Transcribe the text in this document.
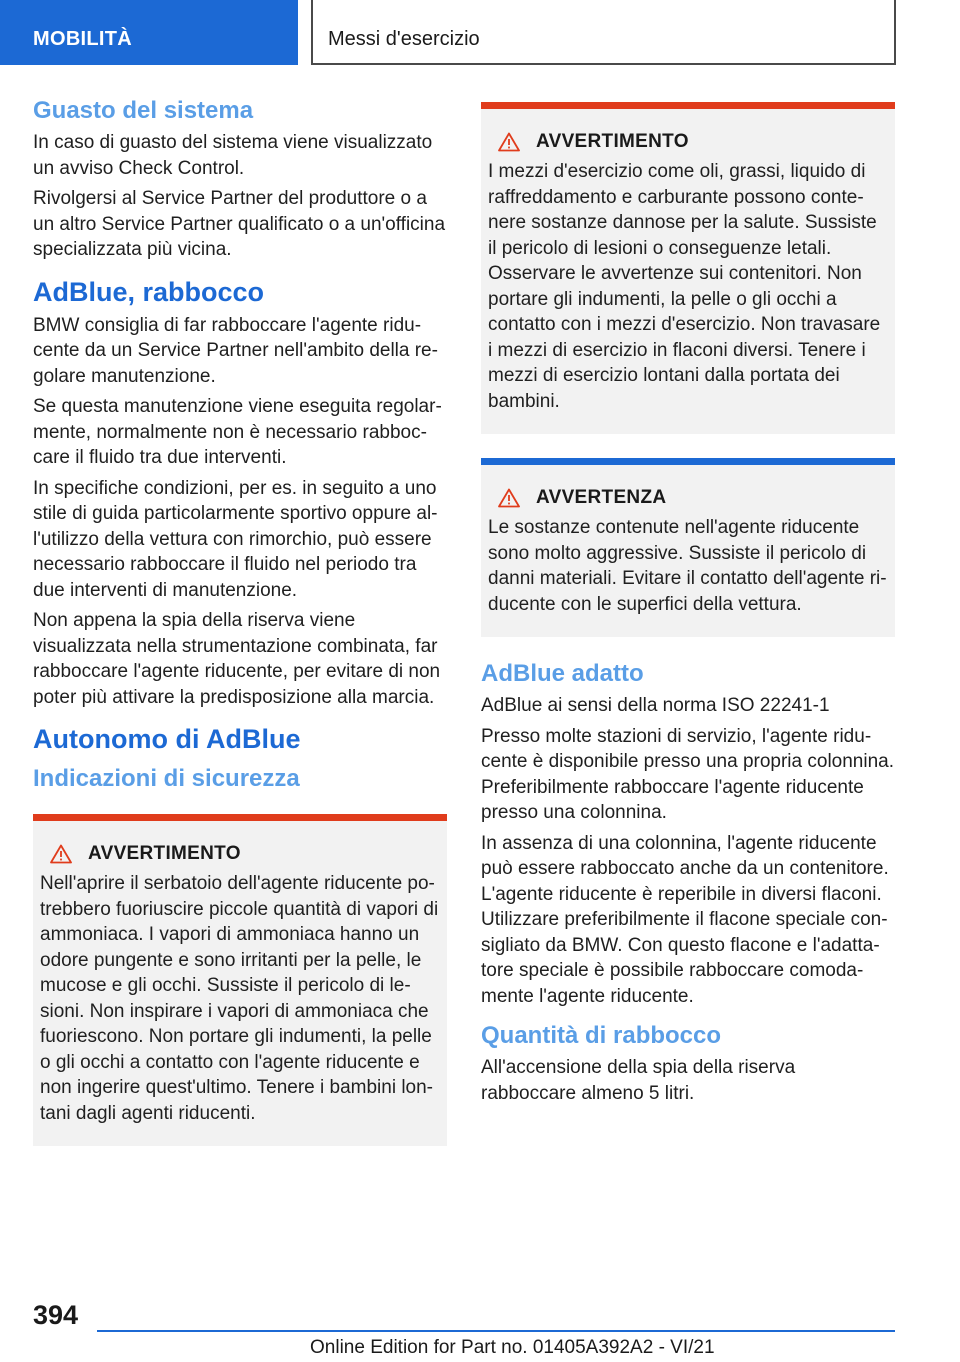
MOBILITÀ	Messi d'esercizio
Guasto del sistema

In caso di guasto del sistema viene visualizzato un avviso Check Control.

Rivolgersi al Service Partner del produttore o a un altro Service Partner qualificato o a un'officina specializzata più vicina.

AdBlue, rabbocco

BMW consiglia di far rabboccare l'agente riducente da un Service Partner nell'ambito della regolare manutenzione.

Se questa manutenzione viene eseguita regolarmente, normalmente non è necessario rabboccare il fluido tra due interventi.

In specifiche condizioni, per es. in seguito a uno stile di guida particolarmente sportivo oppure all'utilizzo della vettura con rimorchio, può essere necessario rabboccare il fluido nel periodo tra due interventi di manutenzione.

Non appena la spia della riserva viene visualizzata nella strumentazione combinata, far rabboccare l'agente riducente, per evitare di non poter più attivare la predisposizione alla marcia.

Autonomo di AdBlue
Indicazioni di sicurezza
AVVERTIMENTO

Nell'aprire il serbatoio dell'agente riducente potrebbero fuoriuscire piccole quantità di vapori di ammoniaca. I vapori di ammoniaca hanno un odore pungente e sono irritanti per la pelle, le mucose e gli occhi. Sussiste il pericolo di lesioni. Non inspirare i vapori di ammoniaca che fuoriescono. Non portare gli indumenti, la pelle o gli occhi a contatto con l'agente riducente e non ingerire quest'ultimo. Tenere i bambini lontani dagli agenti riducenti.

AVVERTIMENTO

I mezzi d'esercizio come oli, grassi, liquido di raffreddamento e carburante possono contenere sostanze dannose per la salute. Sussiste il pericolo di lesioni o conseguenze letali. Osservare le avvertenze sui contenitori. Non portare gli indumenti, la pelle o gli occhi a contatto con i mezzi d'esercizio. Non travasare i mezzi di esercizio in flaconi diversi. Tenere i mezzi di esercizio lontani dalla portata dei bambini.

AVVERTENZA

Le sostanze contenute nell'agente riducente sono molto aggressive. Sussiste il pericolo di danni materiali. Evitare il contatto dell'agente riducente con le superfici della vettura.

AdBlue adatto

AdBlue ai sensi della norma ISO 22241-1

Presso molte stazioni di servizio, l'agente riducente è disponibile presso una propria colonnina. Preferibilmente rabboccare l'agente riducente presso una colonnina.

In assenza di una colonnina, l'agente riducente può essere rabboccato anche da un contenitore. L'agente riducente è reperibile in diversi flaconi. Utilizzare preferibilmente il flacone speciale consigliato da BMW. Con questo flacone e l'adattatore speciale è possibile rabboccare comodamente l'agente riducente.

Quantità di rabbocco

All'accensione della spia della riserva rabboccare almeno 5 litri.

394
Online Edition for Part no. 01405A392A2 - VI/21
